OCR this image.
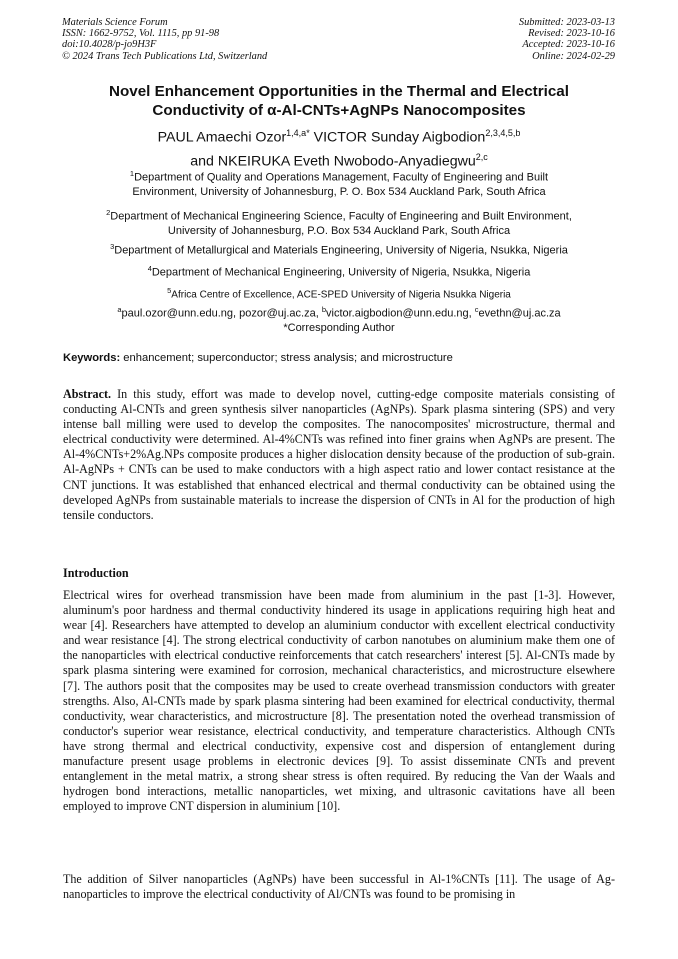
Materials Science Forum
ISSN: 1662-9752, Vol. 1115, pp 91-98
doi:10.4028/p-jo9H3F
© 2024 Trans Tech Publications Ltd, Switzerland
Submitted: 2023-03-13
Revised: 2023-10-16
Accepted: 2023-10-16
Online: 2024-02-29
Novel Enhancement Opportunities in the Thermal and Electrical
Conductivity of α-Al-CNTs+AgNPs Nanocomposites
PAUL Amaechi Ozor$^{1,4,a*}$ VICTOR Sunday Aigbodion$^{2,3,4,5,b}$
and NKEIRUKA Eveth Nwobodo-Anyadiegwu$^{2,c}$
$^1$Department of Quality and Operations Management, Faculty of Engineering and Built
Environment, University of Johannesburg, P. O. Box 534 Auckland Park, South Africa
$^2$Department of Mechanical Engineering Science, Faculty of Engineering and Built Environment,
University of Johannesburg, P.O. Box 534 Auckland Park, South Africa
$^3$Department of Metallurgical and Materials Engineering, University of Nigeria, Nsukka, Nigeria
$^4$Department of Mechanical Engineering, University of Nigeria, Nsukka, Nigeria
$^5$Africa Centre of Excellence, ACE-SPED University of Nigeria Nsukka Nigeria
$^a$paul.ozor@unn.edu.ng, pozor@uj.ac.za, $^b$victor.aigbodion@unn.edu.ng, $^c$evethn@uj.ac.za
*Corresponding Author
Keywords: enhancement; superconductor; stress analysis; and microstructure
Abstract. In this study, effort was made to develop novel, cutting-edge composite materials consisting of conducting Al-CNTs and green synthesis silver nanoparticles (AgNPs). Spark plasma sintering (SPS) and very intense ball milling were used to develop the composites. The nanocomposites' microstructure, thermal and electrical conductivity were determined. Al-4%CNTs was refined into finer grains when AgNPs are present. The Al-4%CNTs+2%Ag.NPs composite produces a higher dislocation density because of the production of sub-grain. Al-AgNPs + CNTs can be used to make conductors with a high aspect ratio and lower contact resistance at the CNT junctions. It was established that enhanced electrical and thermal conductivity can be obtained using the developed AgNPs from sustainable materials to increase the dispersion of CNTs in Al for the production of high tensile conductors.
Introduction
Electrical wires for overhead transmission have been made from aluminium in the past [1-3]. However, aluminum's poor hardness and thermal conductivity hindered its usage in applications requiring high heat and wear [4]. Researchers have attempted to develop an aluminium conductor with excellent electrical conductivity and wear resistance [4]. The strong electrical conductivity of carbon nanotubes on aluminium make them one of the nanoparticles with electrical conductive reinforcements that catch researchers' interest [5]. Al-CNTs made by spark plasma sintering were examined for corrosion, mechanical characteristics, and microstructure elsewhere [7]. The authors posit that the composites may be used to create overhead transmission conductors with greater strengths. Also, Al-CNTs made by spark plasma sintering had been examined for electrical conductivity, thermal conductivity, wear characteristics, and microstructure [8]. The presentation noted the overhead transmission of conductor's superior wear resistance, electrical conductivity, and temperature characteristics. Although CNTs have strong thermal and electrical conductivity, expensive cost and dispersion of entanglement during manufacture present usage problems in electronic devices [9]. To assist disseminate CNTs and prevent entanglement in the metal matrix, a strong shear stress is often required. By reducing the Van der Waals and hydrogen bond interactions, metallic nanoparticles, wet mixing, and ultrasonic cavitations have all been employed to improve CNT dispersion in aluminium [10].
The addition of Silver nanoparticles (AgNPs) have been successful in Al-1%CNTs [11]. The usage of Ag-nanoparticles to improve the electrical conductivity of Al/CNTs was found to be promising in
